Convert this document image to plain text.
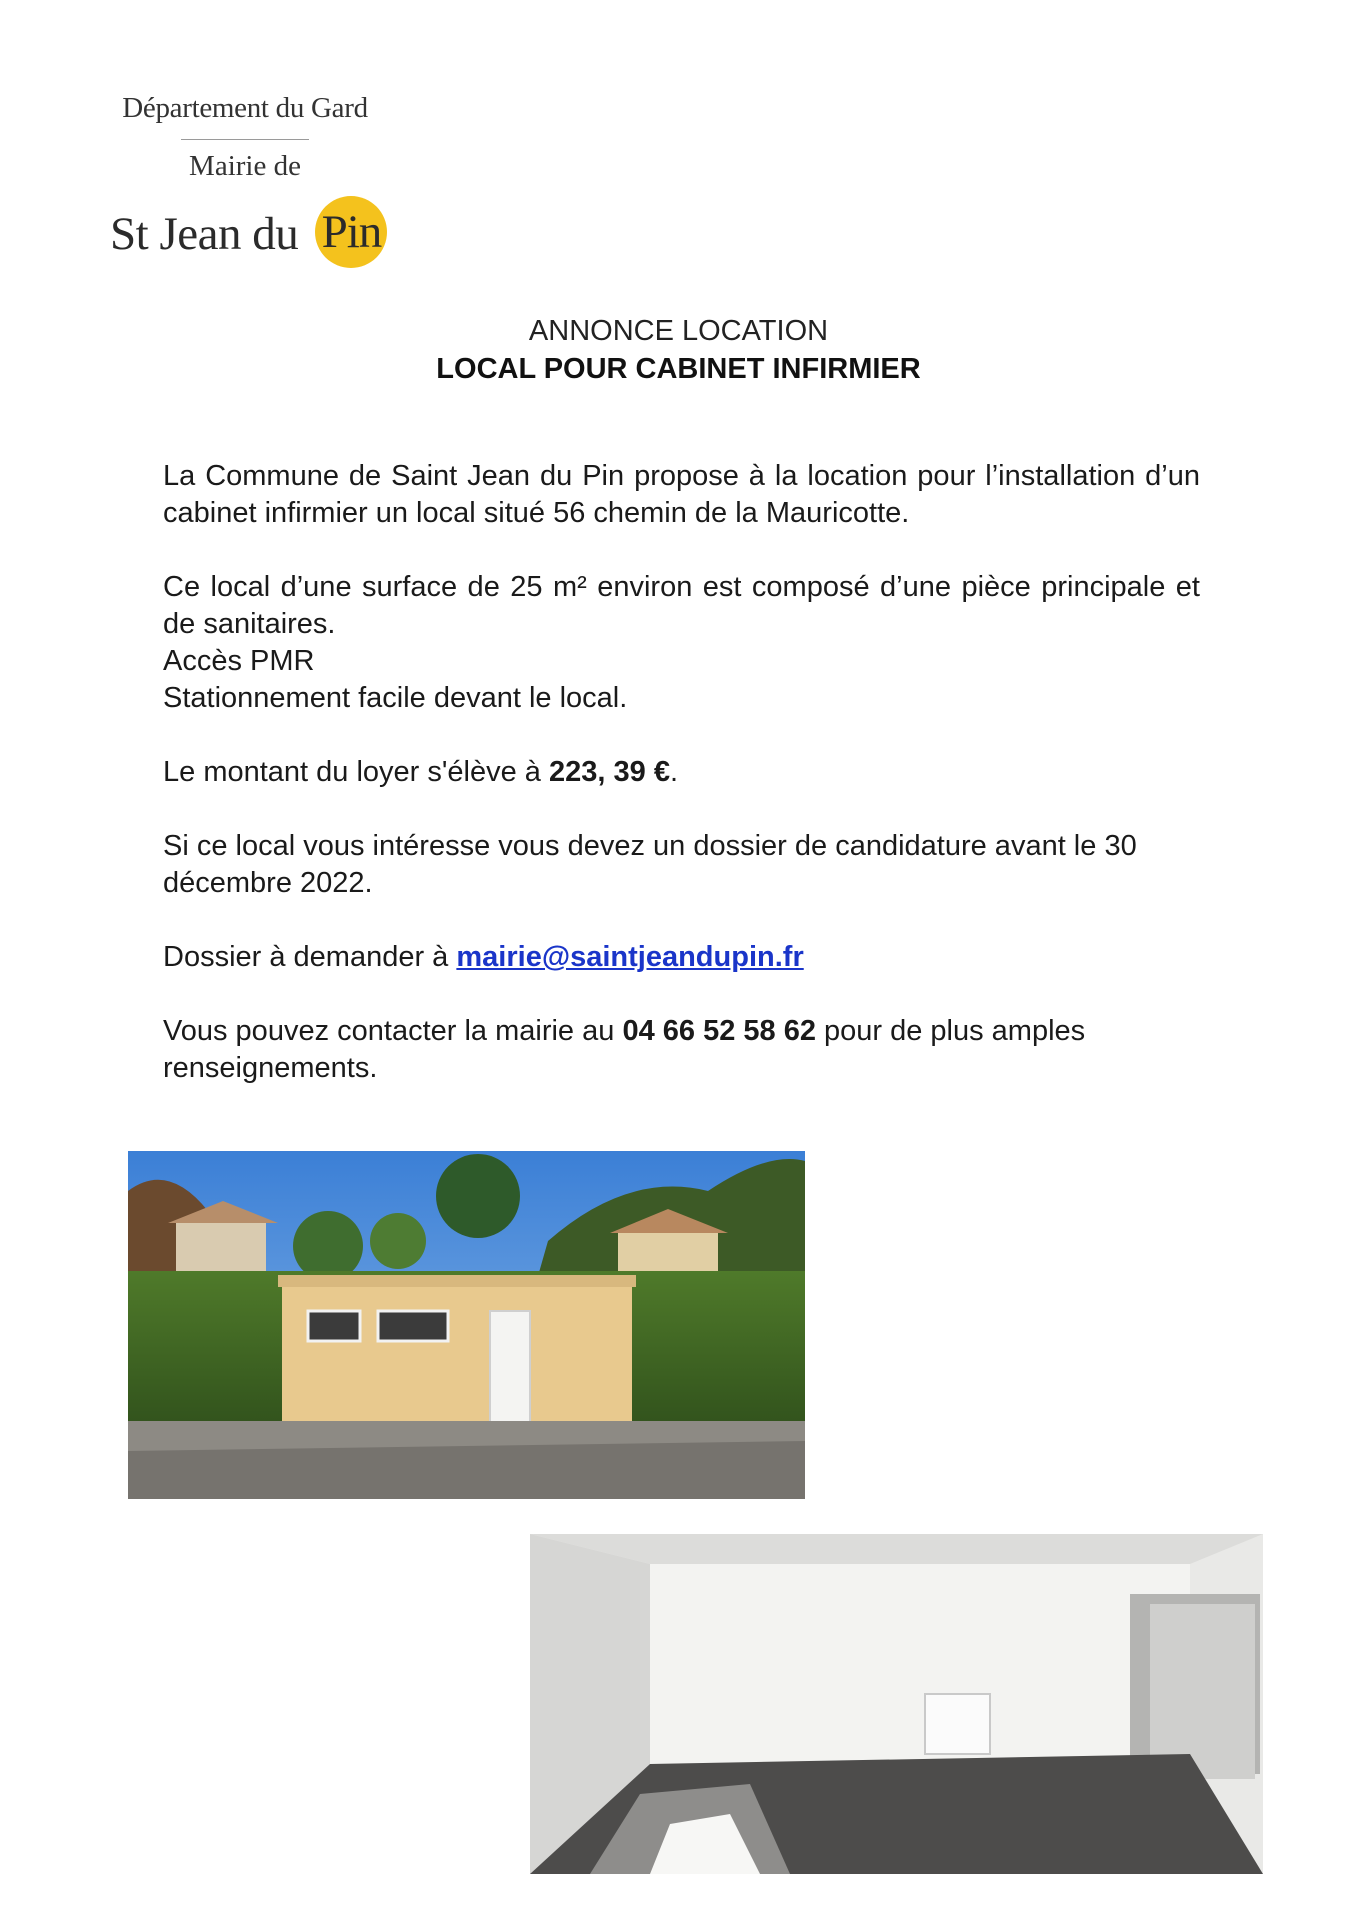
Département du Gard
Mairie de
St Jean du Pin
ANNONCE LOCATION
LOCAL POUR CABINET INFIRMIER

La Commune de Saint Jean du Pin propose à la location pour l’installation d’un cabinet infirmier un local situé 56 chemin de la Mauricotte.

Ce local d’une surface de 25 m² environ est composé d’une pièce principale et de sanitaires.
Accès PMR
Stationnement facile devant le local.

Le montant du loyer s'élève à 223, 39 €.

Si ce local vous intéresse vous devez un dossier de candidature avant le 30 décembre 2022.

Dossier à demander à mairie@saintjeandupin.fr

Vous pouvez contacter la mairie au 04 66 52 58 62 pour de plus amples renseignements.
